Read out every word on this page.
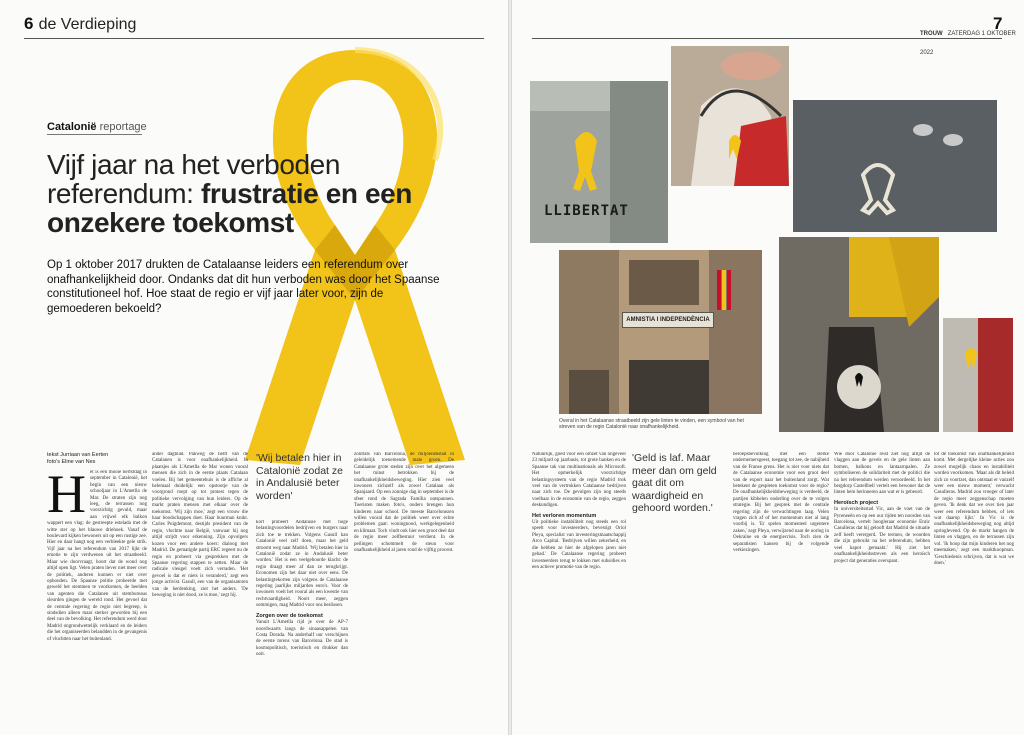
6 de Verdieping
Catalonië reportage
Vijf jaar na het verboden referendum: frustratie en een onzekere toekomst
Op 1 oktober 2017 drukten de Catalaanse leiders een referendum over onafhankelijkheid door. Ondanks dat dit hun verboden was door het Spaanse constitutioneel hof. Hoe staat de regio er vijf jaar later voor, zijn de gemoederen bekoeld?
tekst Jurriaan van Eerten
foto's Eline van Nes
Het is een mooie herfstdag in september in Catalonië, het begin van een nieuw schooljaar in L'Ametlla de Mar. De straten zijn nog leeg, de terrassen nog voorzichtig gevuld, maar aan vrijwel elk balkon wappert een vlag: de gestreepte estelada met de witte ster op het blauwe driehoek. Vanaf de boulevard kijken bewoners uit op een rustige zee. Hier en daar hangt nog een verbleekte gele strik. Vijf jaar na het referendum van 2017 lijkt de emotie te zijn verdwenen uit het straatbeeld. Maar wie doorvraagt, hoort dat de wond nog altijd open ligt. Velen praten liever niet meer over de politiek, anderen kunnen er niet over ophouden. De Spaanse politie probeerde met geweld het stemmen te voorkomen, de beelden van agenten die Catalanen uit stembureaus sleurden gingen de wereld rond. Het gevoel dat de centrale regering de regio niet begreep, is sindsdien alleen maar sterker geworden bij een deel van de bevolking. Het referendum werd door Madrid ongrondwettelijk verklaard en de leiders die het organiseerden belandden in de gevangenis of vluchtten naar het buitenland.
ander dagblad. Pakweg de helft van de Catalanen is voor onafhankelijkheid. In plaatsjes als L'Ametlla de Mar wonen vooral mensen die zich in de eerste plaats Catalaan voelen. Bij het gemeentehuis is de affiche al helemaal duidelijk: een opstootje van de voorgrond roept op tot protest tegen de politieke vervolging van hun leiders. Op de markt praten mensen met elkaar over de toekomst. 'Wij zijn moe,' zegt een vrouw die haar boodschappen doet. Haar buurman knikt. Carles Puigdemont, destijds president van de regio, vluchtte naar België, vanwaar hij nog altijd strijdt voor erkenning. Zijn opvolgers kozen voor een andere koers: dialoog met Madrid. De gematigde partij ERC regeert nu de regio en probeert via gesprekken met de Spaanse regering stappen te zetten. Maar de radicale vleugel voelt zich verraden. 'Het gevoel is dat er niets is veranderd,' zegt een jonge activist. Gasull, een van de organisatoren van de herdenking, ziet het anders. 'De beweging is niet dood, ze is moe,' zegt hij.
'Wij betalen hier in Catalonië zodat ze in Andalusië beter worden'
kort probeert Andalusië met hoge belastingvoordelen bedrijven en burgers naar zich toe te trekken. Volgens Gasull kan Catalonië veel zelf doen, maar het geld stroomt weg naar Madrid. 'Wij betalen hier in Catalonië zodat ze in Andalusië beter worden.' Het is een veelgehoorde klacht: de regio draagt meer af dan ze terugkrijgt. Economen zijn het daar niet over eens. De belastingtekorten zijn volgens de Catalaanse regering jaarlijks miljarden euro's. Voor de inwoners voelt het vooral als een kwestie van rechtvaardigheid. Nooit meer, zeggen sommigen, mag Madrid voor ons beslissen.
Zorgen over de toekomst
Vanuit L'Ametlla rijd je over de AP-7 noordwaarts langs de sinaasappelen van Costa Dorada. Na anderhalf uur verschijnen de eerste torens van Barcelona. De stad is kosmopolitisch, toeristisch en drukker dan ooit.
zonflats van Barcelona, de miljoenenstad in geleidelijk toenemende mate groen. De Catalaanse grote steden zijn over het algemeen het minst betrokken bij de onafhankelijkheidsbeweging. Hier zien veel inwoners zichzelf als zowel Catalaan als Spanjaard. Op een zonnige dag in september is de sfeer rond de Sagrada Família ontspannen. Toeristen maken foto's, ouders brengen hun kinderen naar school. De meeste Barcelonezen willen vooral dat de politiek weer over echte problemen gaat: woningnood, werkgelegenheid en klimaat. Toch vindt ook hier een groot deel dat de regio meer zelfbestuur verdient. In de peilingen schommelt de steun voor onafhankelijkheid al jaren rond de vijftig procent.
TROUW ZATERDAG 1 OKTOBER 2022
7
LLIBERTAT
AMNISTIA I INDEPENDÈNCIA
Overal in het Catalaanse straatbeeld zijn gele linten te vinden, een symbool van het streven van de regio Catalonië naar onafhankelijkheid.
Natuurlijk, goed voor een omzet van ongeveer 23 miljard op jaarbasis, tot grote banken en de Spaanse tak van multinationals als Microsoft. Het opmerkelijk voorzichtige belastingsysteem van de regio Madrid trok veel van de vertrokken Catalaanse bedrijven naar zich toe. De gevolgen zijn nog steeds voelbaar in de economie van de regio, zeggen deskundigen.
Het verloren momentum
Uit politieke instabiliteit nog steeds een rol speelt voor investeerders, bevestigt Oriol Pleya, specialist van investeringsmaatschappij Arco Capital. 'Bedrijven willen zekerheid, en die hebben ze hier de afgelopen jaren niet gehad.' De Catalaanse regering probeert investeerders terug te lokken met subsidies en een actieve promotie van de regio.
'Geld is laf. Maar meer dan om geld gaat dit om waardigheid en gehoord worden.'
beroepsbevolking met een sterke ondernemersgeest, toegang tot zee, de nabijheid van de Franse grens. Het is niet voor niets dat de Catalaanse economie voor een groot deel van de export naar het buitenland zorgt. Wat betekent de gespleten toekomst voor de regio? De onafhankelijkheidsbeweging is verdeeld, de partijen kibbelen onderling over de te volgen strategie. Bij het gesprek met de centrale regering zijn de verwachtingen laag. Velen vragen zich af of het momentum niet al lang voorbij is. 'Er spelen momenteel urgentere zaken,' zegt Pleya, verwijzend naar de oorlog in Oekraïne en de energiecrisis. Toch zien de separatisten kansen bij de volgende verkiezingen.
Wie door Catalonië reist ziet nog altijd de vlaggen aan de gevels en de gele linten aan bomen, balkons en lantaarnpalen. Ze symboliseren de solidariteit met de politici die na het referendum werden veroordeeld. In het bergdorp Castellbell vertelt een bewoner dat de linten hem herinneren aan wat er is gebeurd.
Heroïsch project
In universiteitsstad Vic, aan de voet van de Pyreneeën en op een uur rijden ten noorden van Barcelona, vertelt hoogleraar economie Enric Casulleras dat hij gelooft dat Madrid de situatie zelf heeft verergerd. 'De termen, de woorden die zijn gebruikt na het referendum, hebben veel kapot gemaakt.' Hij ziet het onafhankelijkheidsstreven als een heroïsch project dat generaties overspant.
tot de toekomst van onafhankelijkheid komt. Met dergelijke kleine acties zou zowel mogelijk chaos en instabiliteit worden voorkomen. 'Maar als dit beleid zich zo voortzet, dan ontstaat er vanzelf weer een nieuw moment,' verwacht Casulleras. Madrid zou vroeger of later de regio meer zeggenschap moeten geven. 'Ik denk dat we over tien jaar weer een referendum hebben, of iets wat daarop lijkt.' In Vic is de onafhankelijkheidsbeweging nog altijd springlevend. Op de markt hangen de linten en vlaggen, en de terrassen zijn vol. 'Ik hoop dat mijn kinderen het nog meemaken,' zegt een marktkoopman. 'Geschiedenis schrijven, dat is wat we doen.'
